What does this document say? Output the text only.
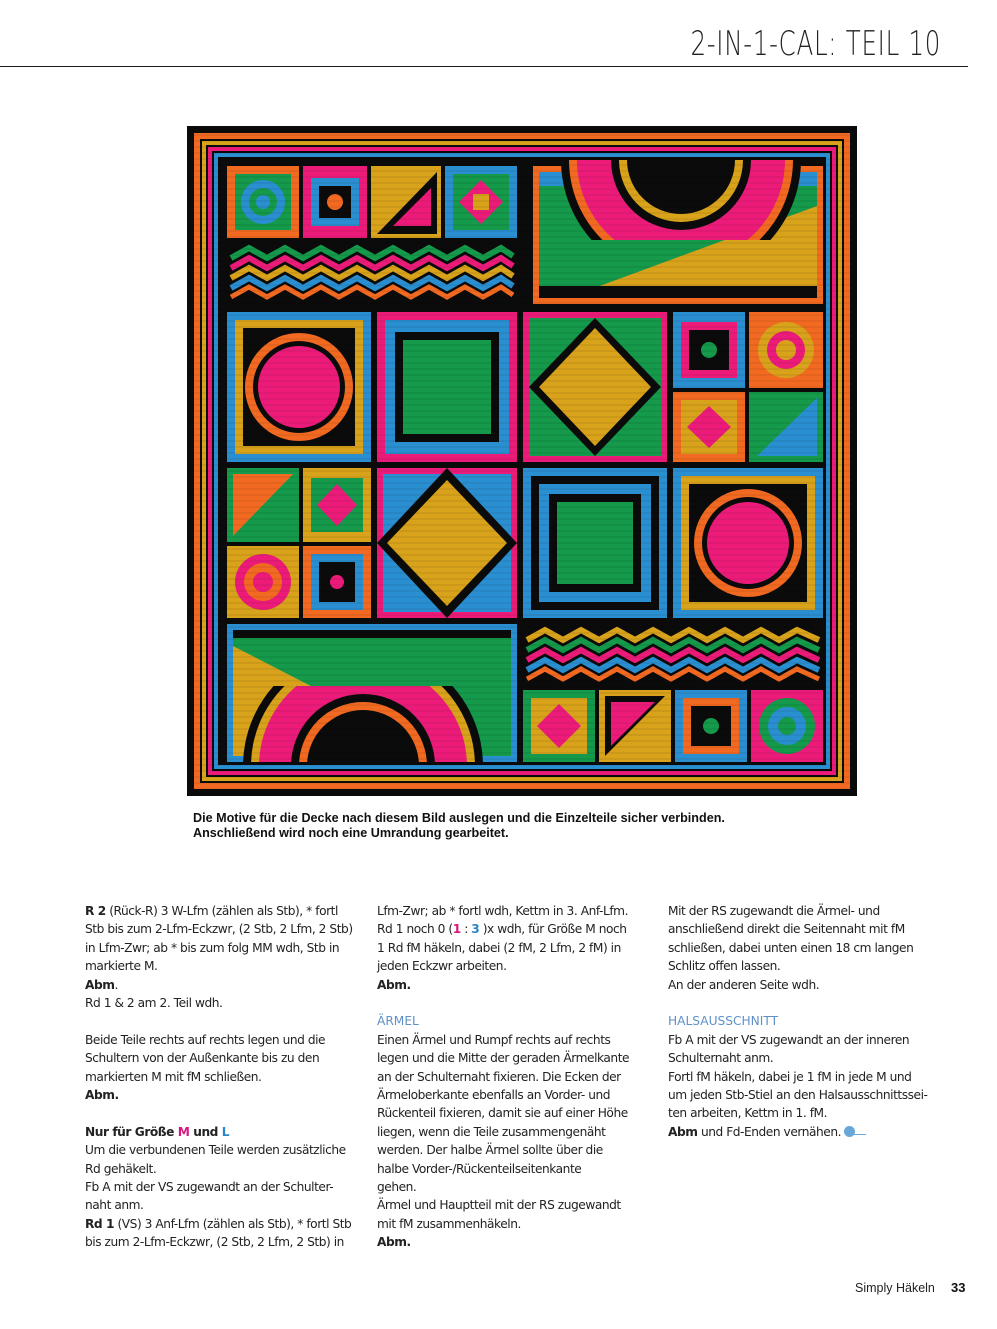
2-IN-1-CAL: TEIL 10
Die Motive für die Decke nach diesem Bild auslegen und die Einzelteile sicher verbinden.
Anschließend wird noch eine Umrandung gearbeitet.
R 2 (Rück-R) 3 W-Lfm (zählen als Stb), * fortl
Stb bis zum 2-Lfm-Eckzwr, (2 Stb, 2 Lfm, 2 Stb)
in Lfm-Zwr; ab * bis zum folg MM wdh, Stb in
markierte M.
Abm.
Rd 1 & 2 am 2. Teil wdh.
Beide Teile rechts auf rechts legen und die
Schultern von der Außenkante bis zu den
markierten M mit fM schließen.
Abm.
Nur für Größe M und L
Um die verbundenen Teile werden zusätzliche
Rd gehäkelt.
Fb A mit der VS zugewandt an der Schulter-
naht anm.
Rd 1 (VS) 3 Anf-Lfm (zählen als Stb), * fortl Stb
bis zum 2-Lfm-Eckzwr, (2 Stb, 2 Lfm, 2 Stb) in
Lfm-Zwr; ab * fortl wdh, Kettm in 3. Anf-Lfm.
Rd 1 noch 0 (1 : 3 )x wdh, für Größe M noch
1 Rd fM häkeln, dabei (2 fM, 2 Lfm, 2 fM) in
jeden Eckzwr arbeiten.
Abm.
ÄRMEL
Einen Ärmel und Rumpf rechts auf rechts
legen und die Mitte der geraden Ärmelkante
an der Schulternaht fixieren. Die Ecken der
Ärmeloberkante ebenfalls an Vorder- und
Rückenteil fixieren, damit sie auf einer Höhe
liegen, wenn die Teile zusammengenäht
werden. Der halbe Ärmel sollte über die
halbe Vorder-/Rückenteilseitenkante
gehen.
Ärmel und Hauptteil mit der RS zugewandt
mit fM zusammenhäkeln.
Abm.
Mit der RS zugewandt die Ärmel- und
anschließend direkt die Seitennaht mit fM
schließen, dabei unten einen 18 cm langen
Schlitz offen lassen.
An der anderen Seite wdh.
HALSAUSSCHNITT
Fb A mit der VS zugewandt an der inneren
Schulternaht anm.
Fortl fM häkeln, dabei je 1 fM in jede M und
um jeden Stb-Stiel an den Halsausschnittssei-
ten arbeiten, Kettm in 1. fM.
Abm und Fd-Enden vernähen.
Simply Häkeln 33
